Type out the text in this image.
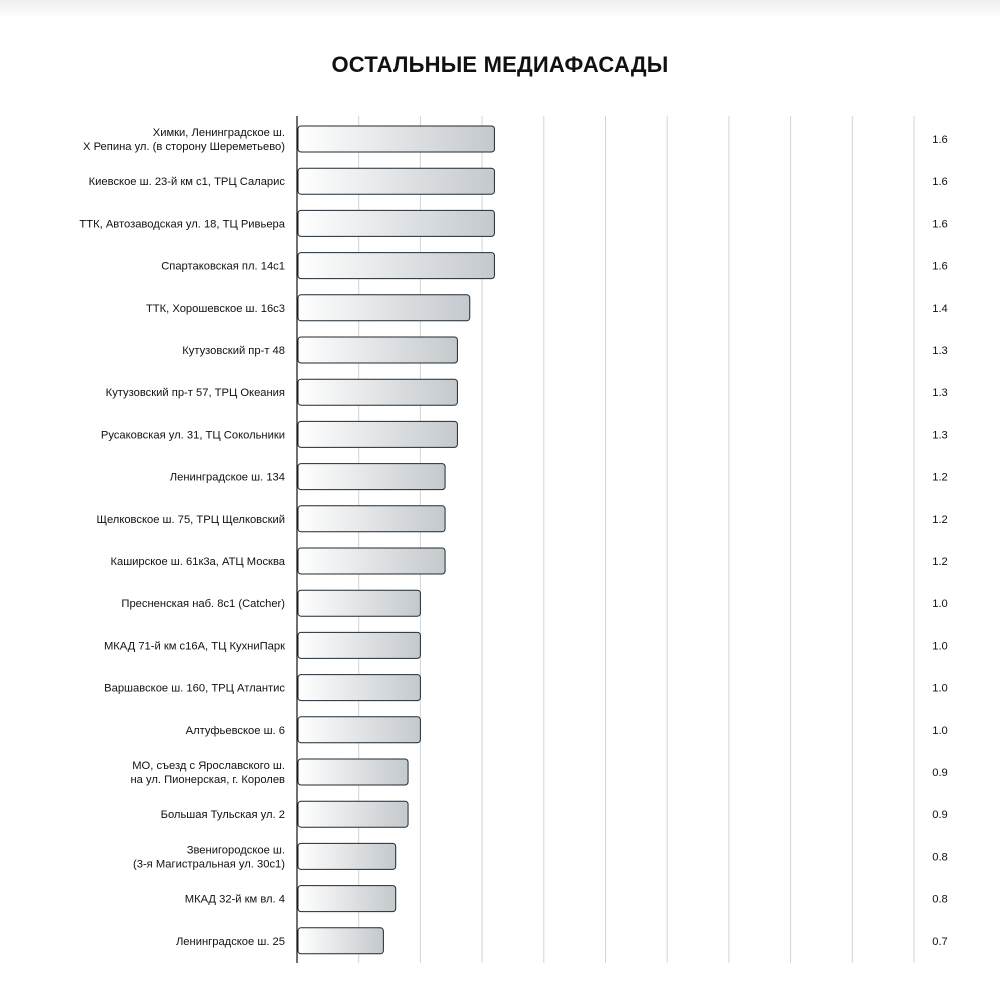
ОСТАЛЬНЫЕ МЕДИАФАСАДЫ
Химки, Ленинградское ш. Х Репина ул. (в сторону Шереметьево)
Киевское ш. 23-й км с1, ТРЦ Саларис
ТТК, Автозаводская ул. 18, ТЦ Ривьера
Спартаковская пл. 14с1
ТТК, Хорошевское ш. 16с3
Кутузовский пр-т 48
Кутузовский пр-т 57, ТРЦ Океания
Русаковская ул. 31, ТЦ Сокольники
Ленинградское ш. 134
Щелковское ш. 75, ТРЦ Щелковский
Каширское ш. 61к3а, АТЦ Москва
Пресненская наб. 8с1 (Catcher)
МКАД 71-й км с16А, ТЦ КухниПарк
Варшавское ш. 160, ТРЦ Атлантис
Алтуфьевское ш. 6
МО, съезд с Ярославского ш. на ул. Пионерская, г. Королев
Большая Тульская ул. 2
Звенигородское ш. (3-я Магистральная ул. 30с1)
МКАД 32-й км вл. 4
Ленинградское ш. 25
1.6
1.6
1.6
1.6
1.4
1.3
1.3
1.3
1.2
1.2
1.2
1.0
1.0
1.0
1.0
0.9
0.9
0.8
0.8
0.7
